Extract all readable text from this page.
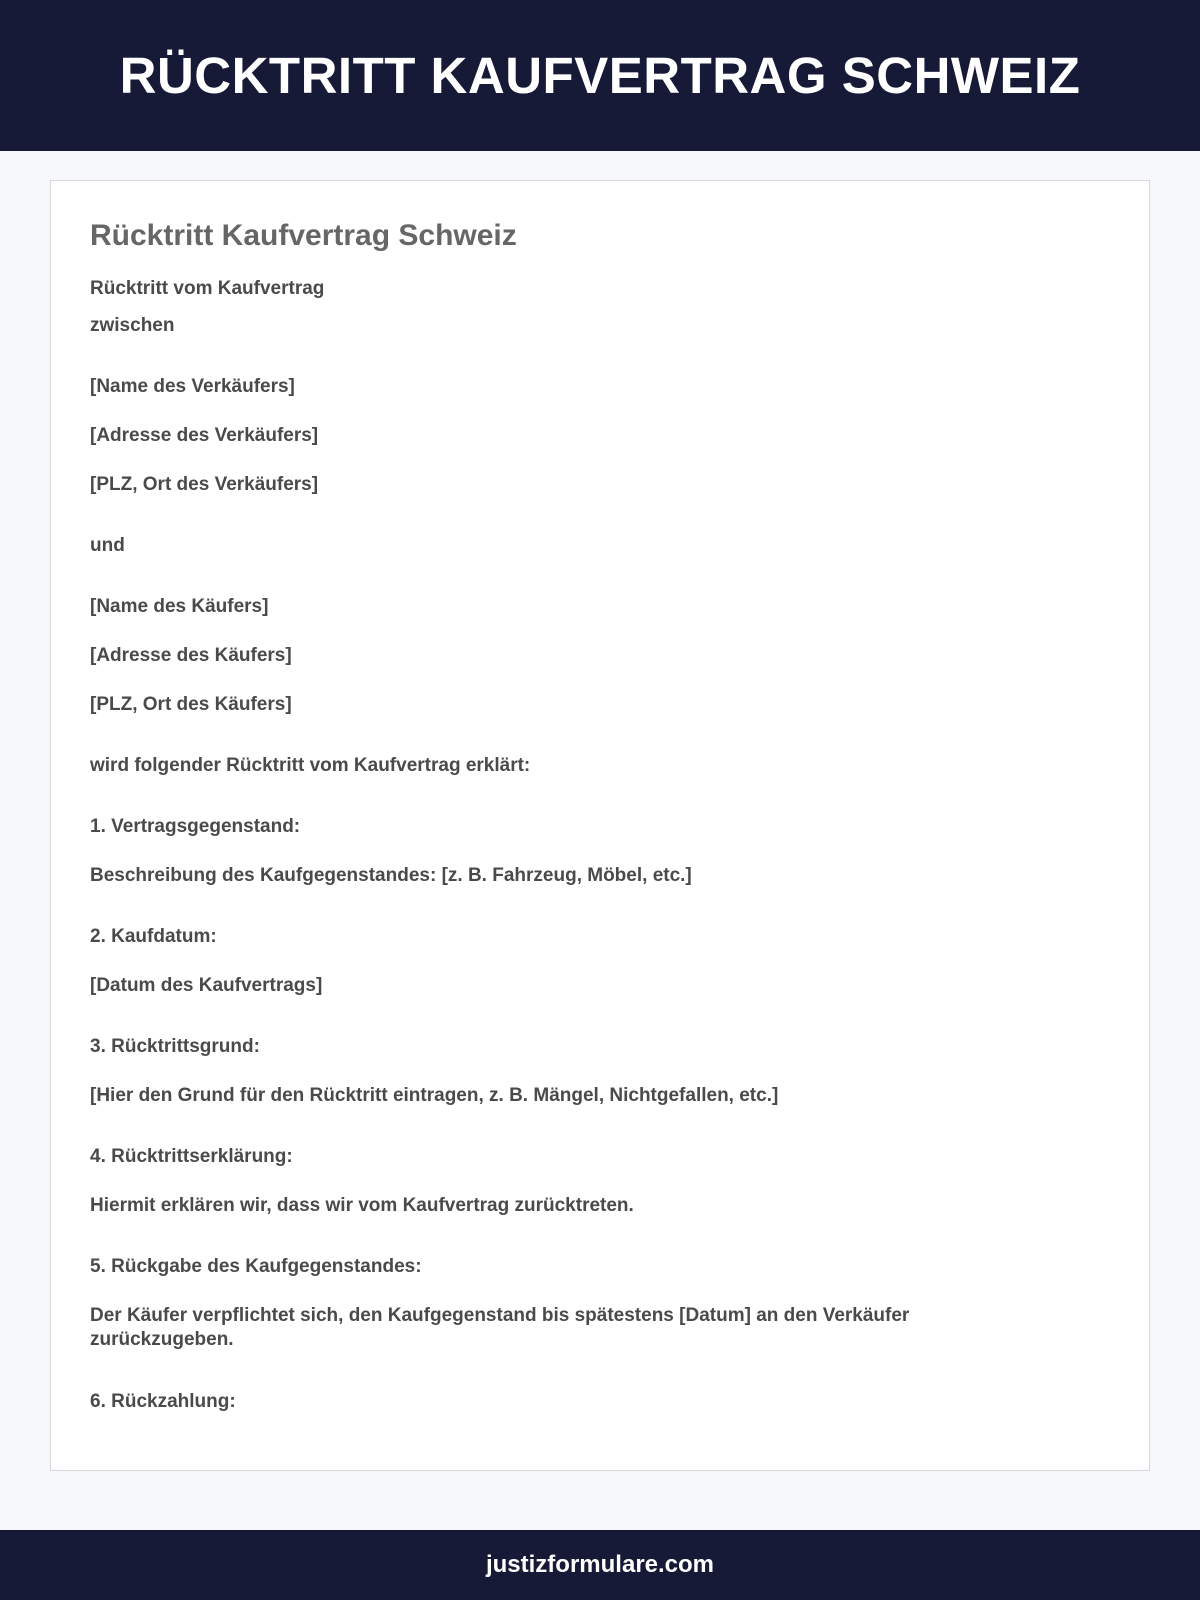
RÜCKTRITT KAUFVERTRAG SCHWEIZ
Rücktritt Kaufvertrag Schweiz
Rücktritt vom Kaufvertrag
zwischen
[Name des Verkäufers]
[Adresse des Verkäufers]
[PLZ, Ort des Verkäufers]
und
[Name des Käufers]
[Adresse des Käufers]
[PLZ, Ort des Käufers]
wird folgender Rücktritt vom Kaufvertrag erklärt:
1. Vertragsgegenstand:
Beschreibung des Kaufgegenstandes: [z. B. Fahrzeug, Möbel, etc.]
2. Kaufdatum:
[Datum des Kaufvertrags]
3. Rücktrittsgrund:
[Hier den Grund für den Rücktritt eintragen, z. B. Mängel, Nichtgefallen, etc.]
4. Rücktrittserklärung:
Hiermit erklären wir, dass wir vom Kaufvertrag zurücktreten.
5. Rückgabe des Kaufgegenstandes:
Der Käufer verpflichtet sich, den Kaufgegenstand bis spätestens [Datum] an den Verkäufer zurückzugeben.
6. Rückzahlung:
justizformulare.com
